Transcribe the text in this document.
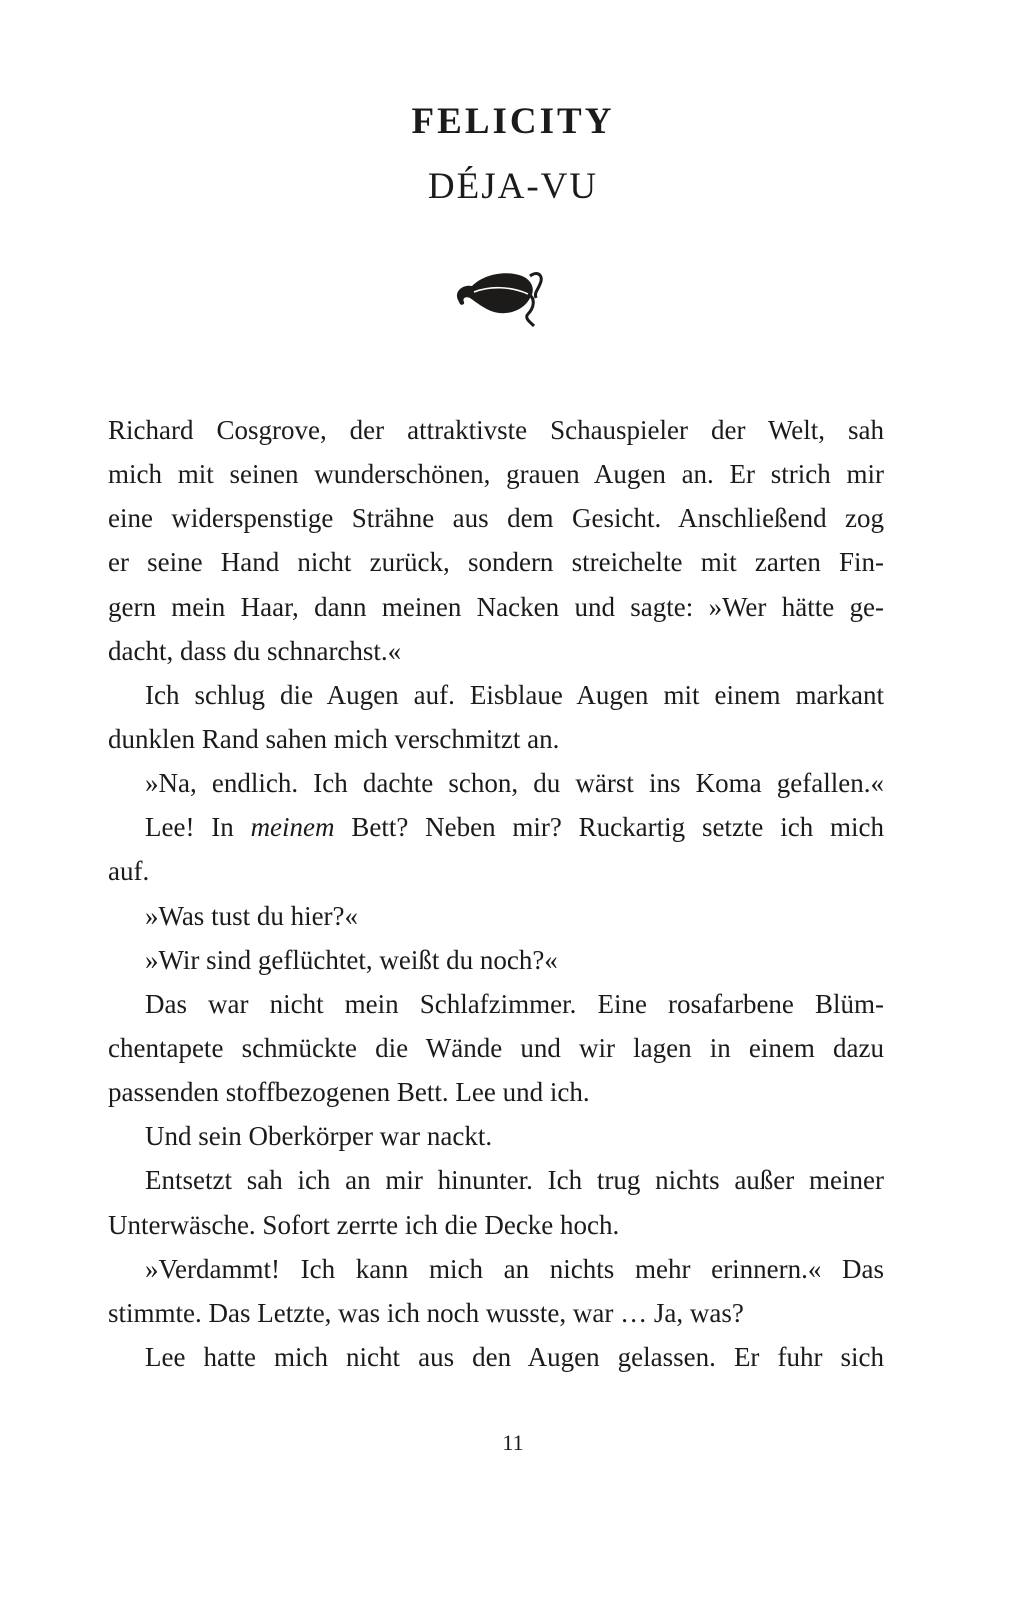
FELICITY
DÉJA-VU
Richard Cosgrove, der attraktivste Schauspieler der Welt, sah
mich mit seinen wunderschönen, grauen Augen an. Er strich mir
eine widerspenstige Strähne aus dem Gesicht. Anschließend zog
er seine Hand nicht zurück, sondern streichelte mit zarten Fin-
gern mein Haar, dann meinen Nacken und sagte: »Wer hätte ge-
dacht, dass du schnarchst.«
Ich schlug die Augen auf. Eisblaue Augen mit einem markant
dunklen Rand sahen mich verschmitzt an.
»Na, endlich. Ich dachte schon, du wärst ins Koma gefallen.«
Lee! In meinem Bett? Neben mir? Ruckartig setzte ich mich
auf.
»Was tust du hier?«
»Wir sind geflüchtet, weißt du noch?«
Das war nicht mein Schlafzimmer. Eine rosafarbene Blüm-
chentapete schmückte die Wände und wir lagen in einem dazu
passenden stoffbezogenen Bett. Lee und ich.
Und sein Oberkörper war nackt.
Entsetzt sah ich an mir hinunter. Ich trug nichts außer meiner
Unterwäsche. Sofort zerrte ich die Decke hoch.
»Verdammt! Ich kann mich an nichts mehr erinnern.« Das
stimmte. Das Letzte, was ich noch wusste, war … Ja, was?
Lee hatte mich nicht aus den Augen gelassen. Er fuhr sich
11
